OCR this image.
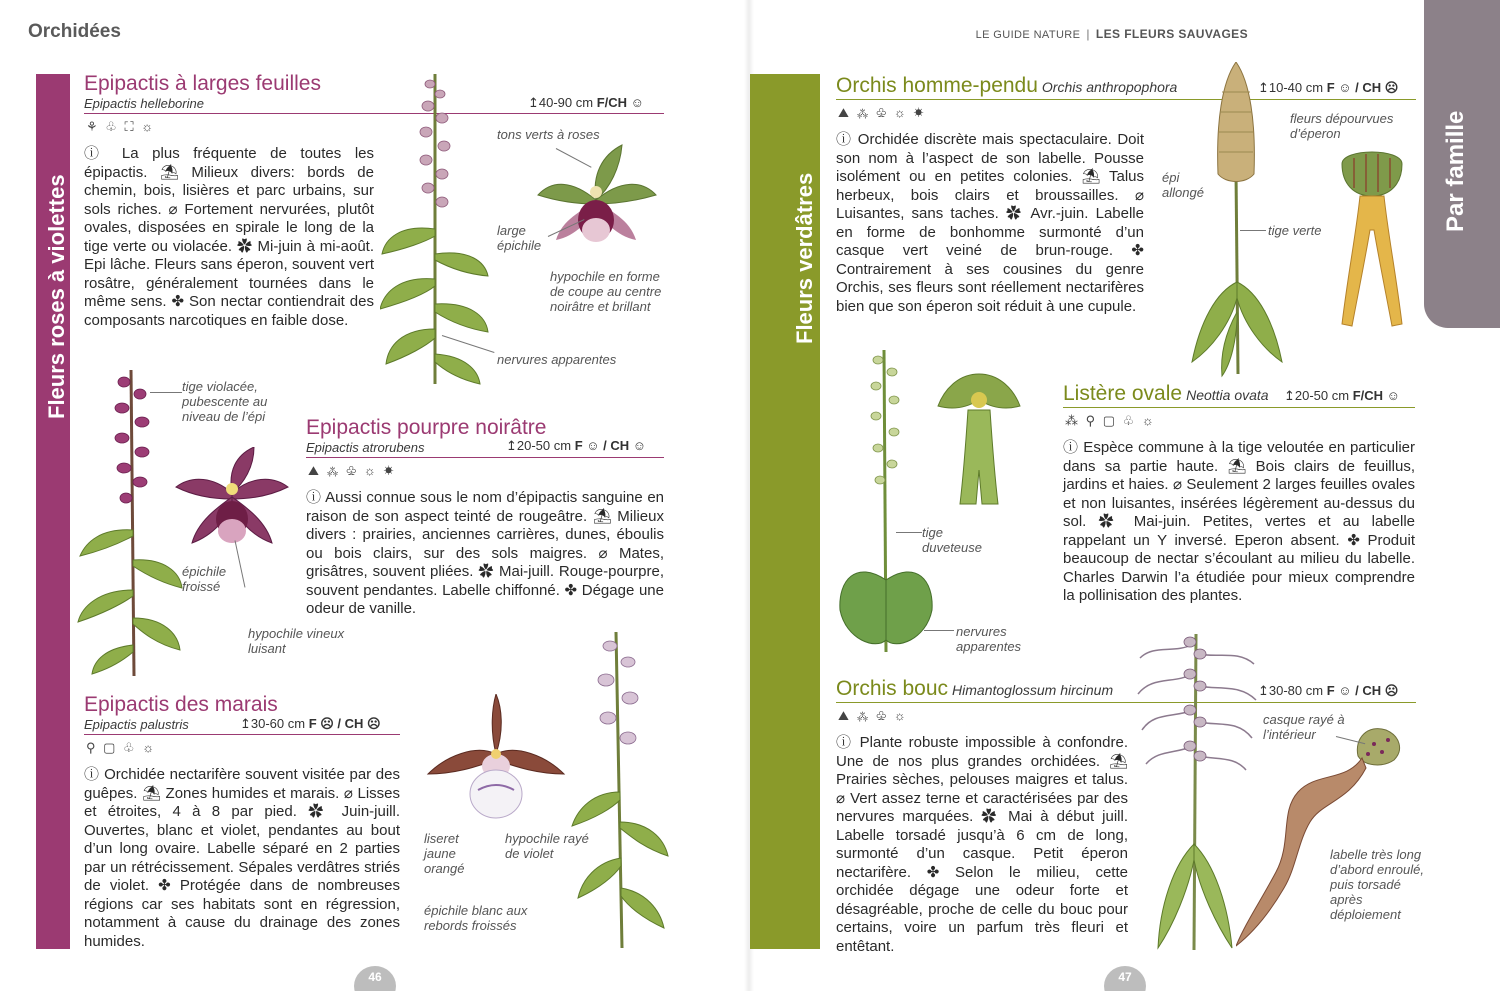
Orchidées	LE GUIDE NATURE | LES FLEURS SAUVAGES
Fleurs roses à violettes	Fleurs verdâtres
Par famille
Epipactis à larges feuilles
Epipactis helleborine	↥40-90 cm F/CH ☺
⚘ ♧ ⛶ ☼
ⓘ La plus fréquente de toutes les épipactis. ⛱ Milieux divers: bords de chemin, bois, lisières et parc urbains, sur sols riches. ⌀ Fortement nervurées, plutôt ovales, disposées en spirale le long de la tige verte ou violacée. ✿ Mi-juin à mi-août. Epi lâche. Fleurs sans éperon, souvent vert rosâtre, généralement tournées dans le même sens. ✤ Son nectar contiendrait des composants narcotiques en faible dose.
tons verts à roses
large épichile
hypochile en forme de coupe au centre noirâtre et brillant
nervures apparentes
tige violacée, pubescente au niveau de l’épi
épichile froissé
hypochile vineux luisant
Epipactis pourpre noirâtre
Epipactis atrorubens	↥20-50 cm F ☺ / CH ☺
⛰ ⁂ ♧ ☼ ☀
ⓘ Aussi connue sous le nom d’épipactis sanguine en raison de son aspect teinté de rougeâtre. ⛱ Milieux divers : prairies, anciennes carrières, dunes, éboulis ou bois clairs, sur des sols maigres. ⌀ Mates, grisâtres, souvent pliées. ✿ Mai-juill. Rouge-pourpre, souvent pendantes. Labelle chiffonné. ✤ Dégage une odeur de vanille.
Epipactis des marais
Epipactis palustris	↥30-60 cm F ☹ / CH ☹
⚲ ▢ ♧ ☼
ⓘ Orchidée nectarifère souvent visitée par des guêpes. ⛱ Zones humides et marais. ⌀ Lisses et étroites, 4 à 8 par pied. ✿ Juin-juill. Ouvertes, blanc et violet, pendantes au bout d’un long ovaire. Labelle séparé en 2 parties par un rétrécissement. Sépales verdâtres striés de violet. ✤ Protégée dans de nombreuses régions car ses habitats sont en régression, notamment à cause du drainage des zones humides.
liseret jaune orangé
hypochile rayé de violet
épichile blanc aux rebords froissés
Orchis homme-pendu Orchis anthropophora	↥10-40 cm F ☺ / CH ☹
⛰ ⁂ ♧ ☼ ☀
ⓘ Orchidée discrète mais spectaculaire. Doit son nom à l’aspect de son labelle. Pousse isolément ou en petites colonies. ⛱ Talus herbeux, bois clairs et broussailles. ⌀ Luisantes, sans taches. ✿ Avr.-juin. Labelle en forme de bonhomme surmonté d’un casque vert veiné de brun-rouge. ✤ Contrairement à ses cousines du genre Orchis, ses fleurs sont réellement nectarifères bien que son éperon soit réduit à une cupule.
fleurs dépourvues d’éperon
épi allongé
tige verte
tige duveteuse
nervures apparentes
Listère ovale Neottia ovata ↥20-50 cm F/CH ☺
⁂ ⚲ ▢ ♧ ☼
ⓘ Espèce commune à la tige veloutée en particulier dans sa partie haute. ⛱ Bois clairs de feuillus, jardins et haies. ⌀ Seulement 2 larges feuilles ovales et non luisantes, insérées légèrement au-dessus du sol. ✿ Mai-juin. Petites, vertes et au labelle rappelant un Y inversé. Eperon absent. ✤ Produit beaucoup de nectar s’écoulant au milieu du labelle. Charles Darwin l’a étudiée pour mieux comprendre la pollinisation des plantes.
Orchis bouc Himantoglossum hircinum	↥30-80 cm F ☺ / CH ☹
⛰ ⁂ ♧ ☼
ⓘ Plante robuste impossible à confondre. Une de nos plus grandes orchidées. ⛱ Prairies sèches, pelouses maigres et talus. ⌀ Vert assez terne et caractérisées par des nervures marquées. ✿ Mai à début juill. Labelle torsadé jusqu’à 6 cm de long, surmonté d’un casque. Petit éperon nectarifère. ✤ Selon le milieu, cette orchidée dégage une odeur forte et désagréable, proche de celle du bouc pour certains, voire un parfum très fleuri et entêtant.
casque rayé à l’intérieur
labelle très long d’abord enroulé, puis torsadé après déploiement
46	47
